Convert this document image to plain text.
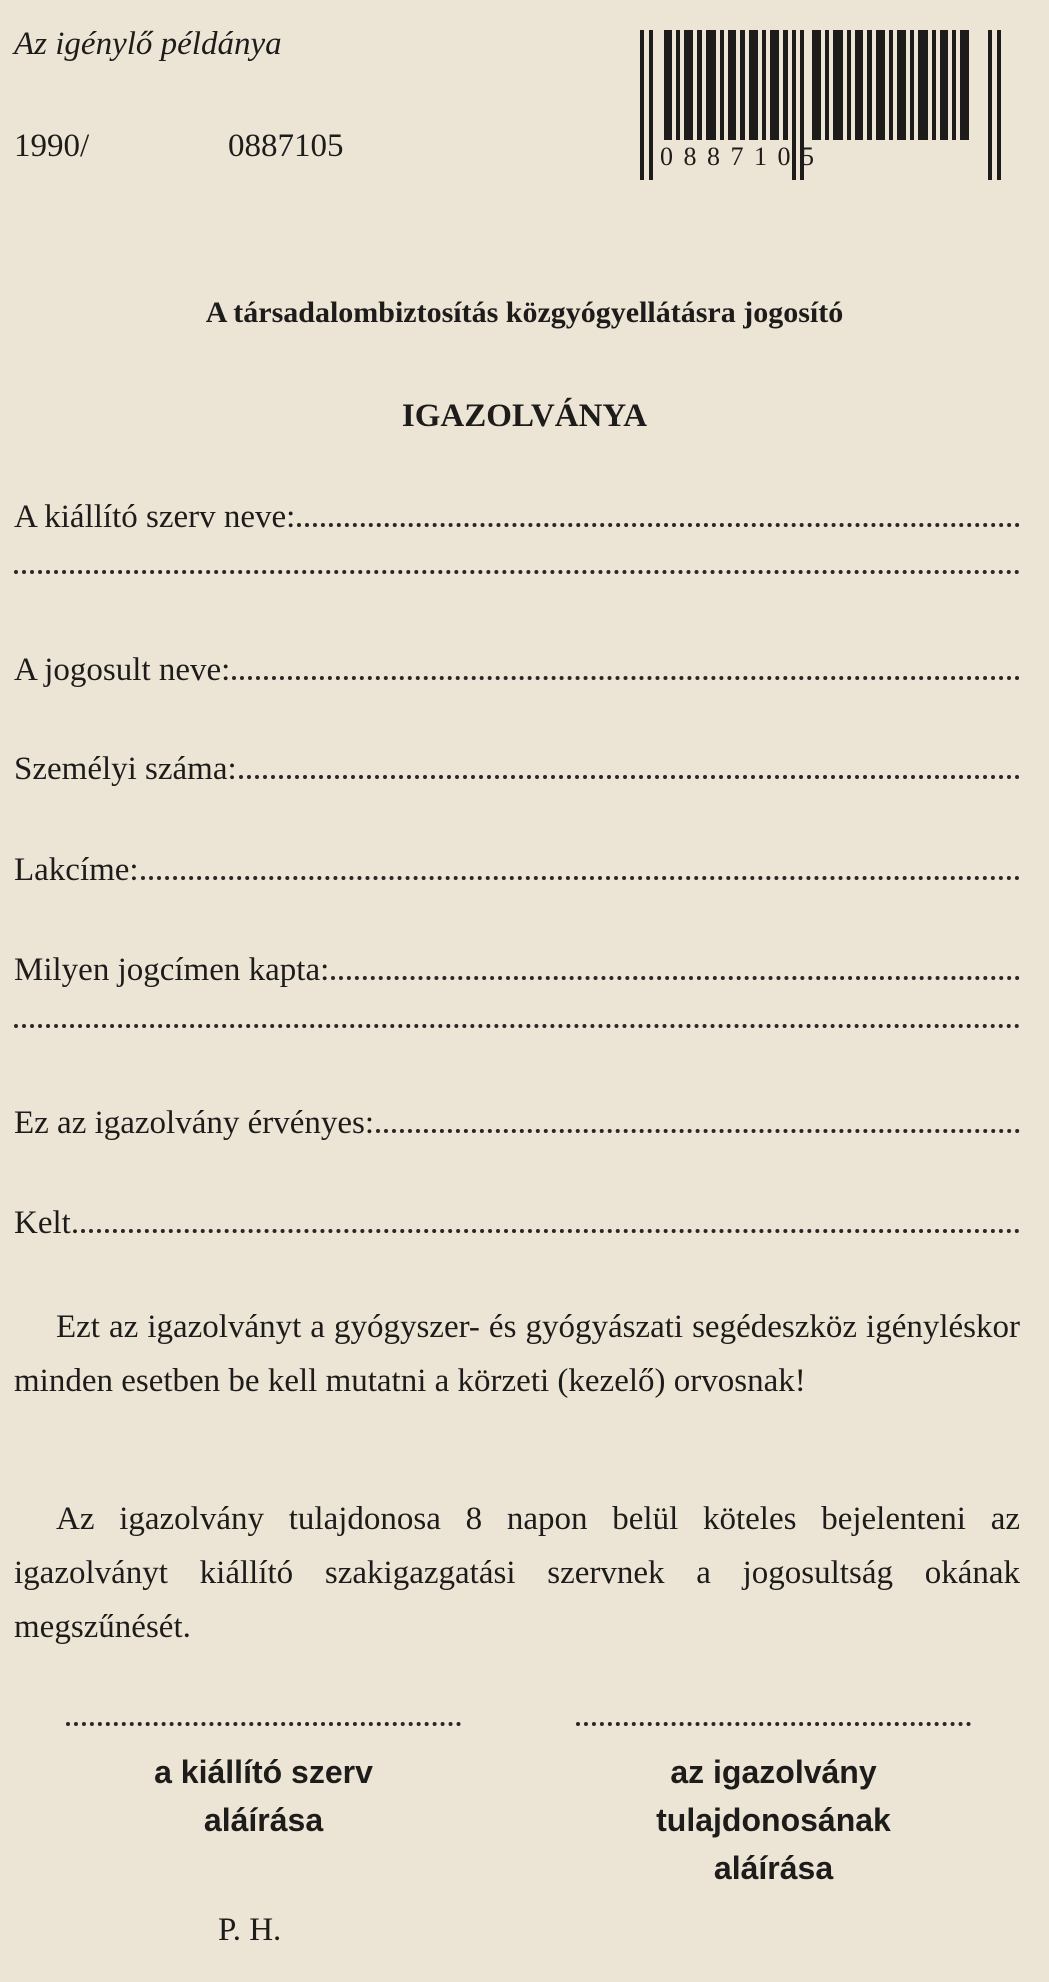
Az igénylő példánya
1990/	0887105	0 8 8 7 1 0 5
A társadalombiztosítás közgyógyellátásra jogosító
IGAZOLVÁNYA
A kiállító szerv neve:
A jogosult neve:
Személyi száma:
Lakcíme:
Milyen jogcímen kapta:
Ez az igazolvány érvényes:
Kelt.
Ezt az igazolványt a gyógyszer- és gyógyászati segédeszköz igényléskor minden esetben be kell mutatni a körzeti (kezelő) orvosnak!
Az igazolvány tulajdonosa 8 napon belül köteles bejelenteni az igazolványt kiállító szakigazgatási szervnek a jogosultság okának megszűnését.
a kiállító szerv
aláírása
az igazolvány
tulajdonosának
aláírása
P. H.
